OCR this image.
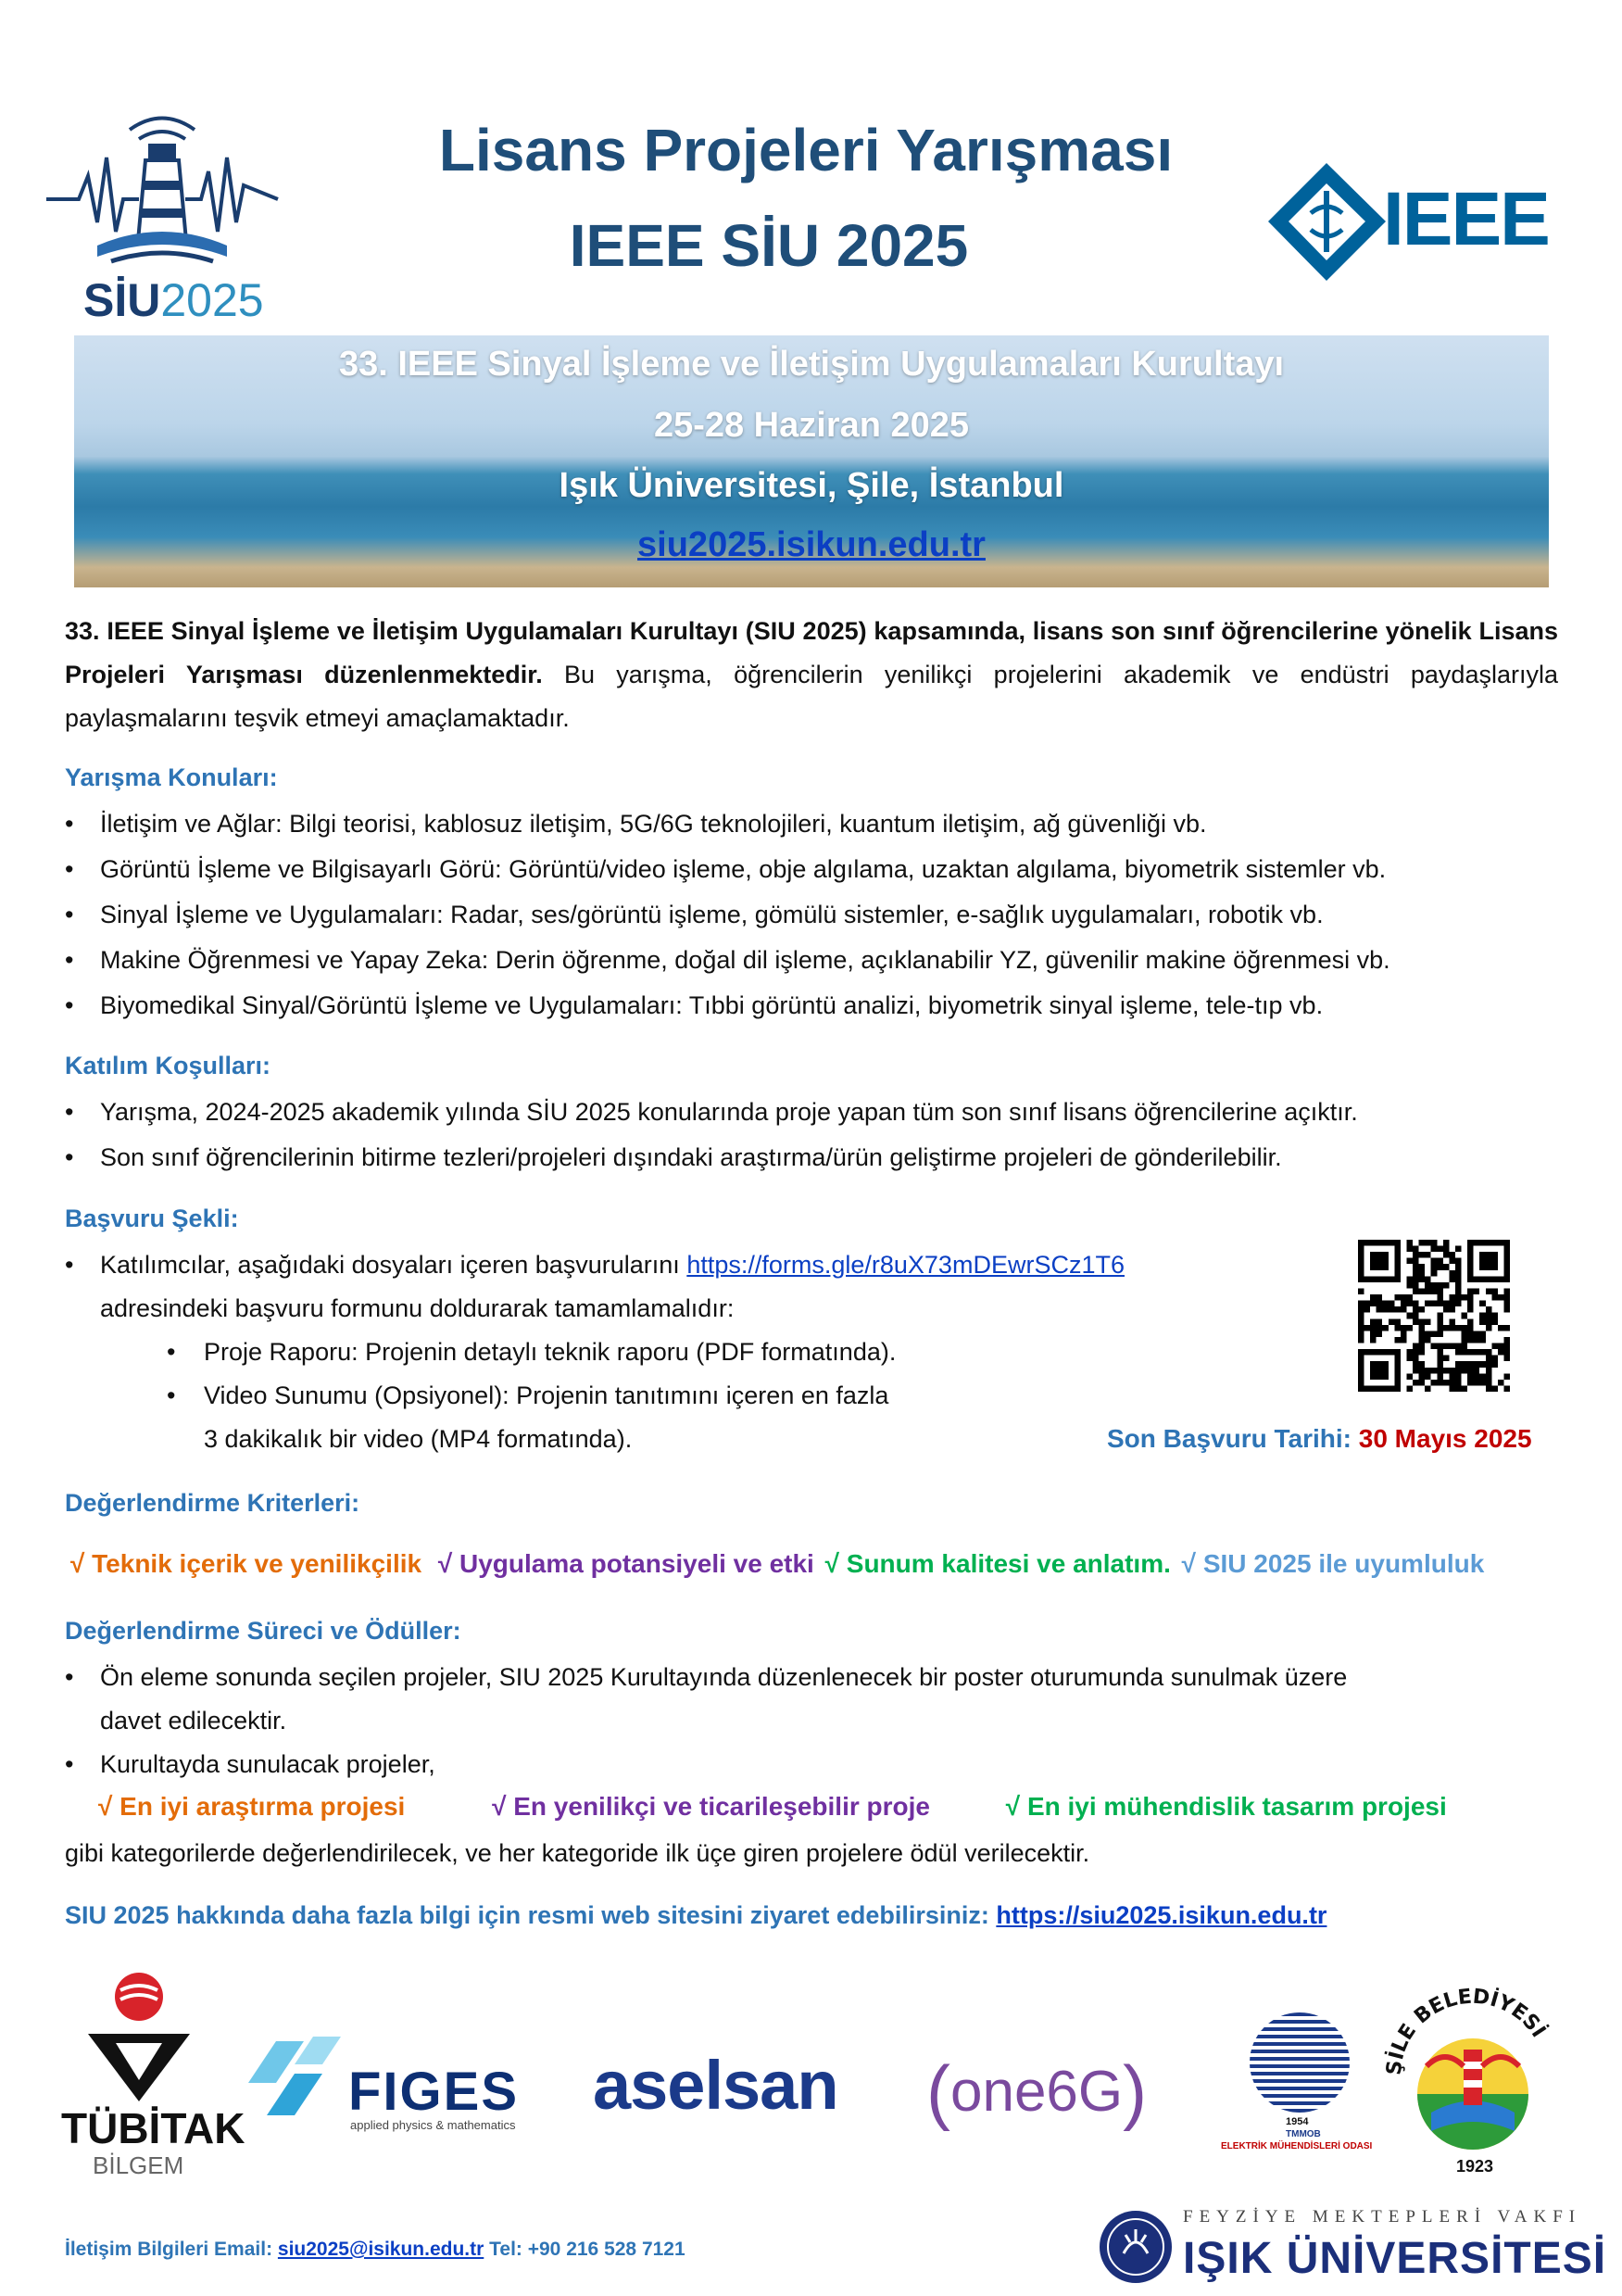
SİU2025
Lisans Projeleri Yarışması
IEEE SİU 2025	IEEE
33. IEEE Sinyal İşleme ve İletişim Uygulamaları Kurultayı
25-28 Haziran 2025
Işık Üniversitesi, Şile, İstanbul
siu2025.isikun.edu.tr
33. IEEE Sinyal İşleme ve İletişim Uygulamaları Kurultayı (SIU 2025) kapsamında, lisans son sınıf öğrencilerine yönelik Lisans Projeleri Yarışması düzenlenmektedir. Bu yarışma, öğrencilerin yenilikçi projelerini akademik ve endüstri paydaşlarıyla paylaşmalarını teşvik etmeyi amaçlamaktadır.
Yarışma Konuları:
• İletişim ve Ağlar: Bilgi teorisi, kablosuz iletişim, 5G/6G teknolojileri, kuantum iletişim, ağ güvenliği vb.
• Görüntü İşleme ve Bilgisayarlı Görü: Görüntü/video işleme, obje algılama, uzaktan algılama, biyometrik sistemler vb.
• Sinyal İşleme ve Uygulamaları: Radar, ses/görüntü işleme, gömülü sistemler, e-sağlık uygulamaları, robotik vb.
• Makine Öğrenmesi ve Yapay Zeka: Derin öğrenme, doğal dil işleme, açıklanabilir YZ, güvenilir makine öğrenmesi vb.
• Biyomedikal Sinyal/Görüntü İşleme ve Uygulamaları: Tıbbi görüntü analizi, biyometrik sinyal işleme, tele-tıp vb.
Katılım Koşulları:
• Yarışma, 2024-2025 akademik yılında SİU 2025 konularında proje yapan tüm son sınıf lisans öğrencilerine açıktır.
• Son sınıf öğrencilerinin bitirme tezleri/projeleri dışındaki araştırma/ürün geliştirme projeleri de gönderilebilir.
Başvuru Şekli:
• Katılımcılar, aşağıdaki dosyaları içeren başvurularını https://forms.gle/r8uX73mDEwrSCz1T6
adresindeki başvuru formunu doldurarak tamamlamalıdır:
• Proje Raporu: Projenin detaylı teknik raporu (PDF formatında).
• Video Sunumu (Opsiyonel): Projenin tanıtımını içeren en fazla
3 dakikalık bir video (MP4 formatında).	Son Başvuru Tarihi: 30 Mayıs 2025
Değerlendirme Kriterleri:
√ Teknik içerik ve yenilikçilik √ Uygulama potansiyeli ve etki √ Sunum kalitesi ve anlatım. √ SIU 2025 ile uyumluluk
Değerlendirme Süreci ve Ödüller:
• Ön eleme sonunda seçilen projeler, SIU 2025 Kurultayında düzenlenecek bir poster oturumunda sunulmak üzere
davet edilecektir.
• Kurultayda sunulacak projeler,
√ En iyi araştırma projesi	√ En yenilikçi ve ticarileşebilir proje	√ En iyi mühendislik tasarım projesi
gibi kategorilerde değerlendirilecek, ve her kategoride ilk üçe giren projelere ödül verilecektir.
SIU 2025 hakkında daha fazla bilgi için resmi web sitesini ziyaret edebilirsiniz: https://siu2025.isikun.edu.tr
TÜBİTAK
BİLGEM
FIGES
applied physics & mathematics
aselsan (one6G)	1954
TMMOB
ELEKTRİK MÜHENDİSLERİ ODASI
ŞİLE BELEDİYESİ
1923
İletişim Bilgileri Email: siu2025@isikun.edu.tr Tel: +90 216 528 7121
FEYZİYE MEKTEPLERİ VAKFI
IŞIK ÜNİVERSİTESİ
